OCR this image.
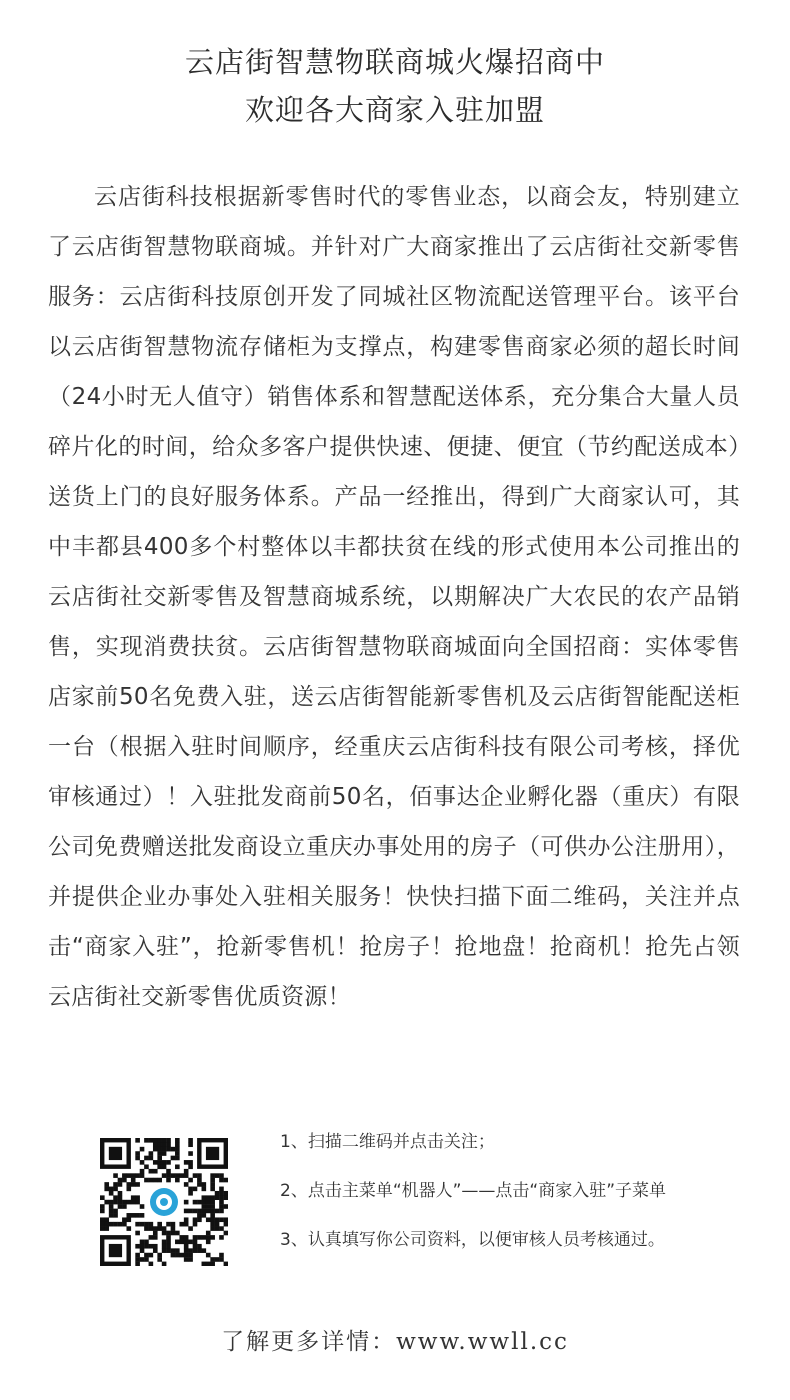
云店街智慧物联商城火爆招商中
欢迎各大商家入驻加盟

云店街科技根据新零售时代的零售业态，以商会友，特别建立了云店街智慧物联商城。并针对广大商家推出了云店街社交新零售服务：云店街科技原创开发了同城社区物流配送管理平台。该平台以云店街智慧物流存储柜为支撑点，构建零售商家必须的超长时间（24小时无人值守）销售体系和智慧配送体系，充分集合大量人员碎片化的时间，给众多客户提供快速、便捷、便宜（节约配送成本）送货上门的良好服务体系。产品一经推出，得到广大商家认可，其中丰都县400多个村整体以丰都扶贫在线的形式使用本公司推出的云店街社交新零售及智慧商城系统，以期解决广大农民的农产品销售，实现消费扶贫。云店街智慧物联商城面向全国招商：实体零售店家前50名免费入驻，送云店街智能新零售机及云店街智能配送柜一台（根据入驻时间顺序，经重庆云店街科技有限公司考核，择优审核通过）！入驻批发商前50名，佰事达企业孵化器（重庆）有限公司免费赠送批发商设立重庆办事处用的房子（可供办公注册用），并提供企业办事处入驻相关服务！快快扫描下面二维码，关注并点击“商家入驻”，抢新零售机！抢房子！抢地盘！抢商机！抢先占领云店街社交新零售优质资源！

1、扫描二维码并点击关注；
2、点击主菜单“机器人”——点击“商家入驻”子菜单
3、认真填写你公司资料，以便审核人员考核通过。
了解更多详情：www.wwll.cc
